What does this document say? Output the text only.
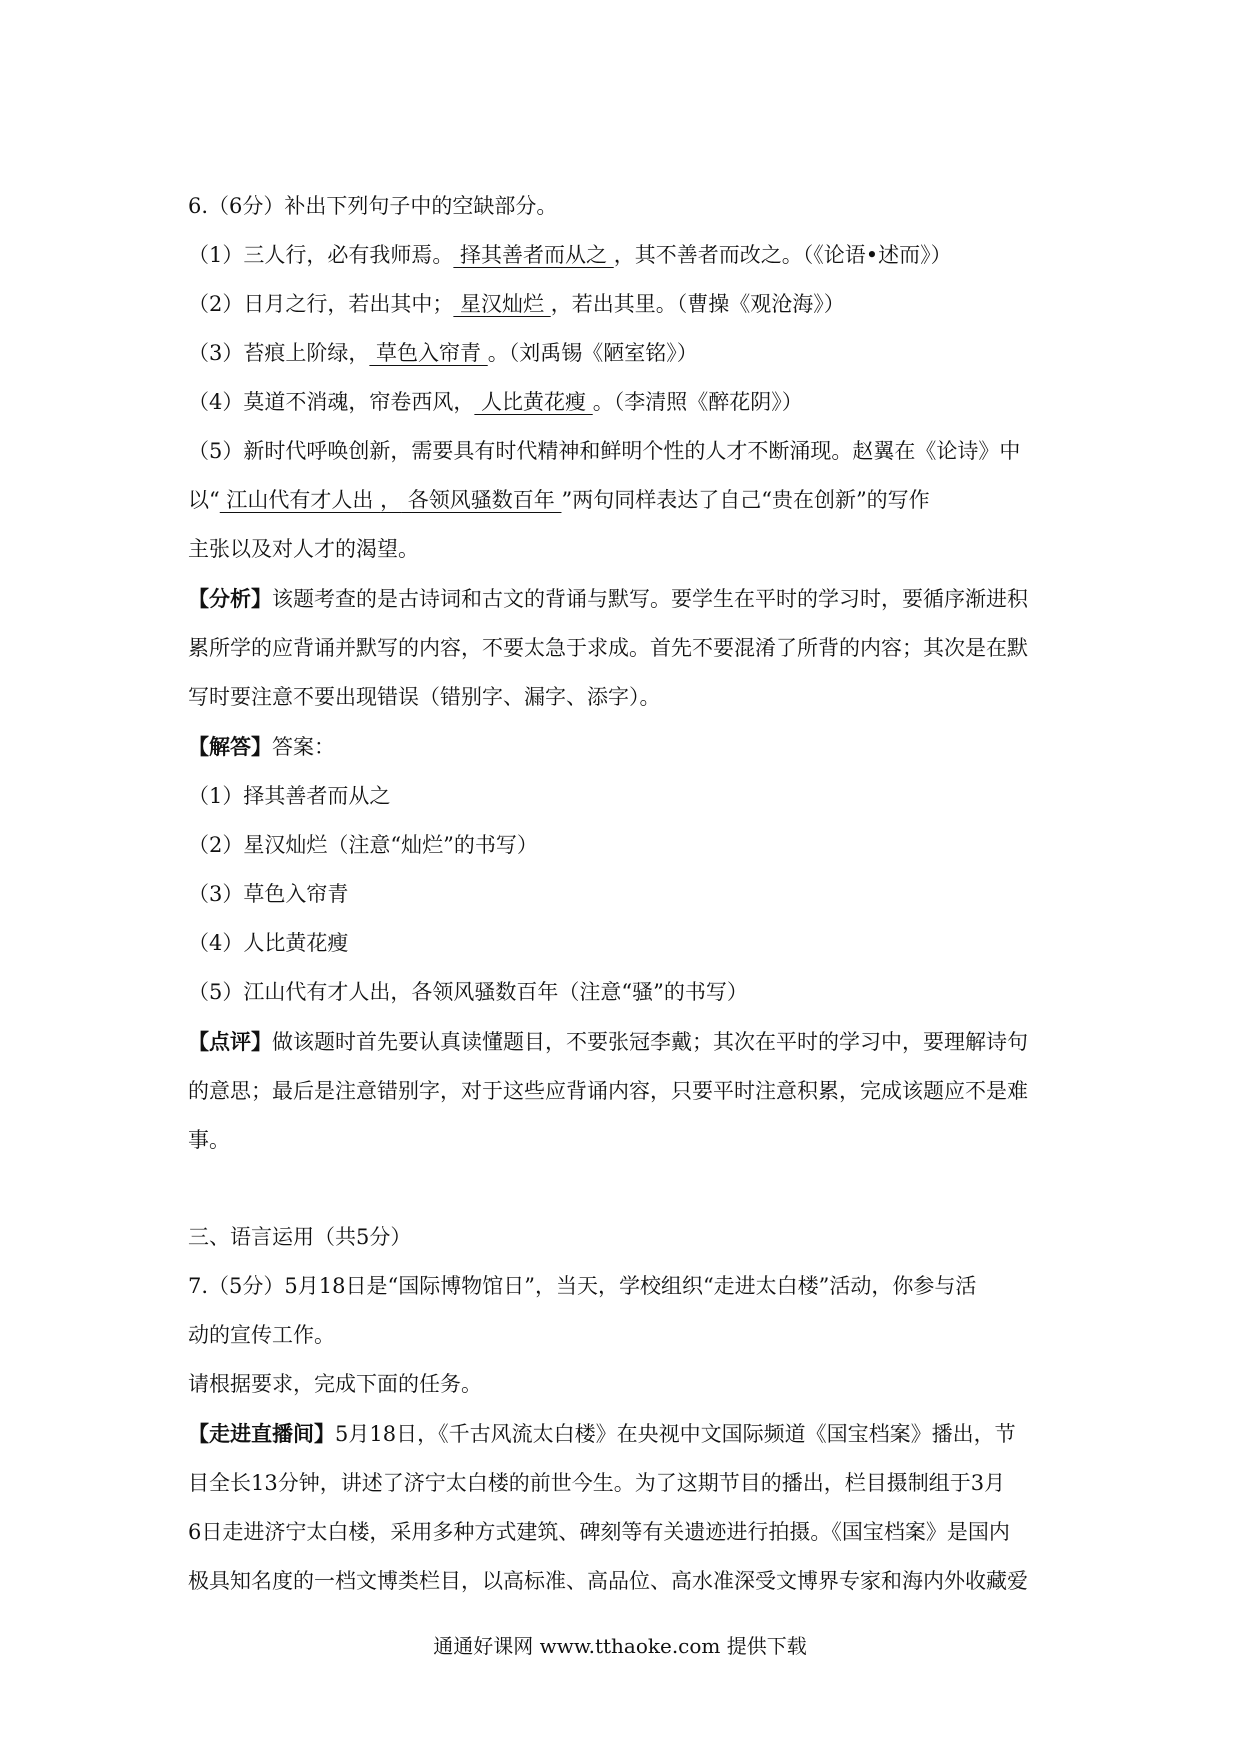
6.（6分）补出下列句子中的空缺部分。
（1）三人行，必有我师焉。 择其善者而从之 ，其不善者而改之。（《论语•述而》）
（2）日月之行，若出其中； 星汉灿烂 ，若出其里。（曹操《观沧海》）
（3）苔痕上阶绿， 草色入帘青 。（刘禹锡《陋室铭》）
（4）莫道不消魂，帘卷西风， 人比黄花瘦 。（李清照《醉花阴》）
（5）新时代呼唤创新，需要具有时代精神和鲜明个性的人才不断涌现。赵翼在《论诗》中
以“ 江山代有才人出 ， 各领风骚数百年 ”两句同样表达了自己“贵在创新”的写作
主张以及对人才的渴望。
【分析】该题考查的是古诗词和古文的背诵与默写。要学生在平时的学习时，要循序渐进积
累所学的应背诵并默写的内容，不要太急于求成。首先不要混淆了所背的内容；其次是在默
写时要注意不要出现错误（错别字、漏字、添字）。
【解答】答案：
（1）择其善者而从之
（2）星汉灿烂（注意“灿烂”的书写）
（3）草色入帘青
（4）人比黄花瘦
（5）江山代有才人出，各领风骚数百年（注意“骚”的书写）
【点评】做该题时首先要认真读懂题目，不要张冠李戴；其次在平时的学习中，要理解诗句
的意思；最后是注意错别字，对于这些应背诵内容，只要平时注意积累，完成该题应不是难
事。
三、语言运用（共5分）
7.（5分）5月18日是“国际博物馆日”，当天，学校组织“走进太白楼”活动，你参与活
动的宣传工作。
请根据要求，完成下面的任务。
【走进直播间】5月18日，《千古风流太白楼》在央视中文国际频道《国宝档案》播出，节
目全长13分钟，讲述了济宁太白楼的前世今生。为了这期节目的播出，栏目摄制组于3月
6日走进济宁太白楼，采用多种方式建筑、碑刻等有关遗迹进行拍摄。《国宝档案》是国内
极具知名度的一档文博类栏目，以高标准、高品位、高水准深受文博界专家和海内外收藏爱
通通好课网 www.tthaoke.com 提供下载
